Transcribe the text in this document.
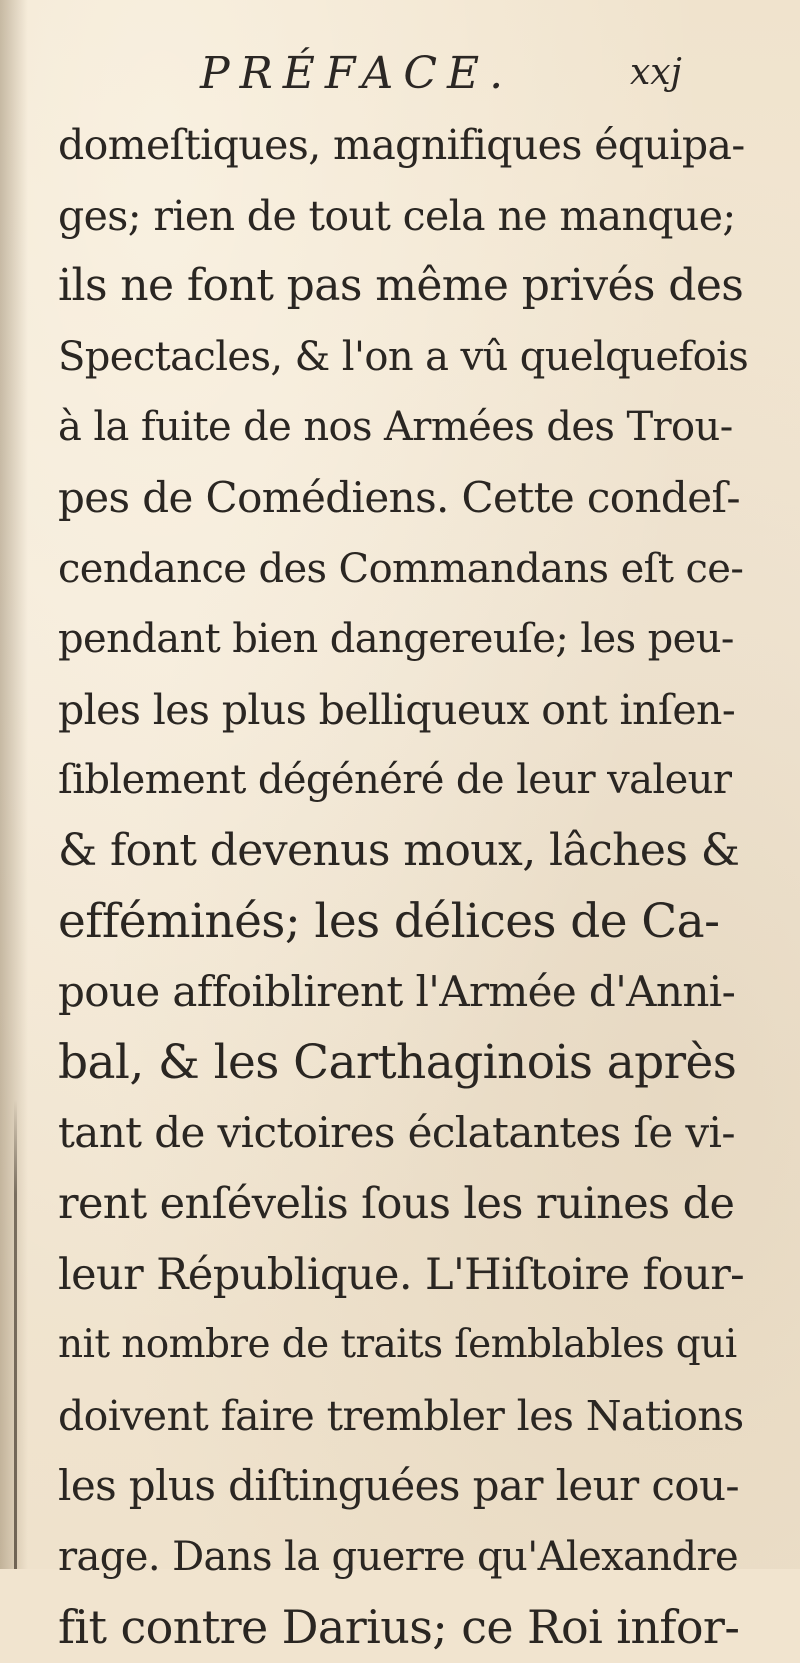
PRÉFACE.	xxj
domeſtiques, magnifiques équipa-
ges; rien de tout cela ne manque;
ils ne font pas même privés des
Spectacles, & l'on a vû quelquefois
à la fuite de nos Armées des Trou-
pes de Comédiens. Cette condeſ-
cendance des Commandans eſt ce-
pendant bien dangereuſe; les peu-
ples les plus belliqueux ont inſen-
ſiblement dégénéré de leur valeur
& font devenus moux, lâches &
efféminés; les délices de Ca-
poue affoiblirent l'Armée d'Anni-
bal, & les Carthaginois après
tant de victoires éclatantes ſe vi-
rent enſévelis ſous les ruines de
leur République. L'Hiſtoire four-
nit nombre de traits ſemblables qui
doivent faire trembler les Nations
les plus diſtinguées par leur cou-
rage. Dans la guerre qu'Alexandre
fit contre Darius; ce Roi infor-
